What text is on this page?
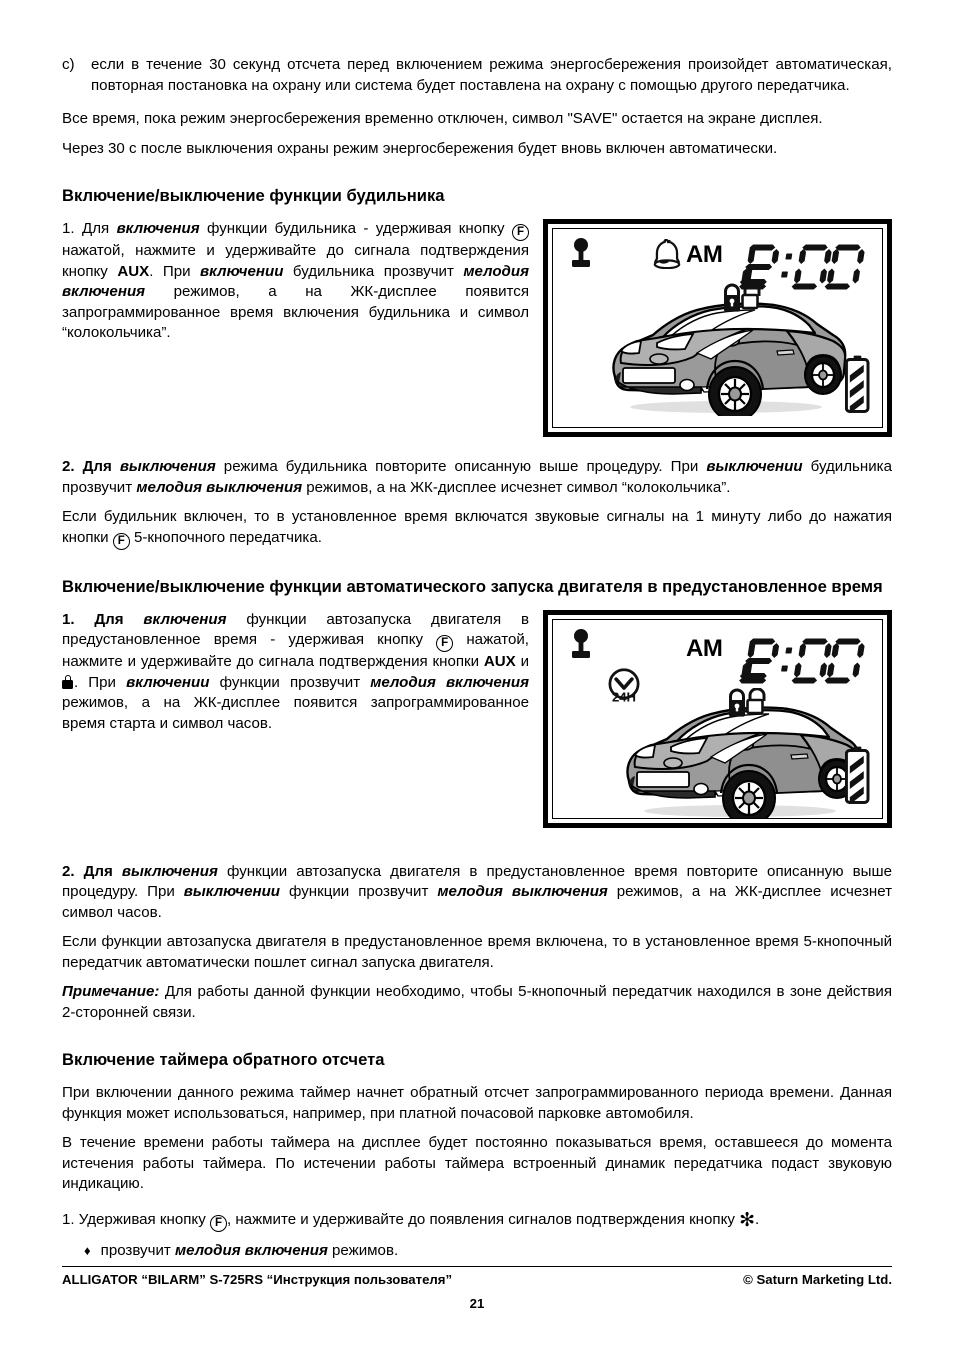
c)	если в течение 30 секунд отсчета перед включением режима энергосбережения произойдет автоматическая, повторная постановка на охрану или система будет поставлена на охрану с помощью другого передатчика.

Все время, пока режим энергосбережения временно отключен, символ "SAVE" остается на экране дисплея.

Через 30 с после выключения охраны режим энергосбережения будет вновь включен автоматически.

Включение/выключение функции будильника
AM

1. Для включения функции будильника - удерживая кнопку F нажатой, нажмите и удерживайте до сигнала подтверждения кнопку AUX. При включении будильника прозвучит мелодия включения режимов, а на ЖК-дисплее появится запрограммированное время включения будильника и символ “колокольчика”.

2. Для выключения режима будильника повторите описанную выше процедуру. При выключении будильника прозвучит мелодия выключения режимов, а на ЖК-дисплее исчезнет символ “колокольчика”.

Если будильник включен, то в установленное время включатся звуковые сигналы на 1 минуту либо до нажатия кнопки F 5-кнопочного передатчика.

Включение/выключение функции автоматического запуска двигателя в предустановленное время
AM

1. Для включения функции автозапуска двигателя в предустановленное время - удерживая кнопку F нажатой, нажмите и удерживайте до сигнала подтверждения кнопки AUX и . При включении функции прозвучит мелодия включения режимов, а на ЖК-дисплее появится запрограммированное время старта и символ часов.

2. Для выключения функции автозапуска двигателя в предустановленное время повторите описанную выше процедуру. При выключении функции прозвучит мелодия выключения режимов, а на ЖК-дисплее исчезнет символ часов.

Если функции автозапуска двигателя в предустановленное время включена, то в установленное время 5-кнопочный передатчик автоматически пошлет сигнал запуска двигателя.

Примечание: Для работы данной функции необходимо, чтобы 5-кнопочный передатчик находился в зоне действия 2-сторонней связи.

Включение таймера обратного отсчета

При включении данного режима таймер начнет обратный отсчет запрограммированного периода времени. Данная функция может использоваться, например, при платной почасовой парковке автомобиля.

В течение времени работы таймера на дисплее будет постоянно показываться время, оставшееся до момента истечения работы таймера. По истечении работы таймера встроенный динамик передатчика подаст звуковую индикацию.

1. Удерживая кнопку F , нажмите и удерживайте до появления сигналов подтверждения кнопку ✻.

♦ прозвучит мелодия включения режимов.
ALLIGATOR “BILARM” S-725RS “Инструкция пользователя”	© Saturn Marketing Ltd.
21
